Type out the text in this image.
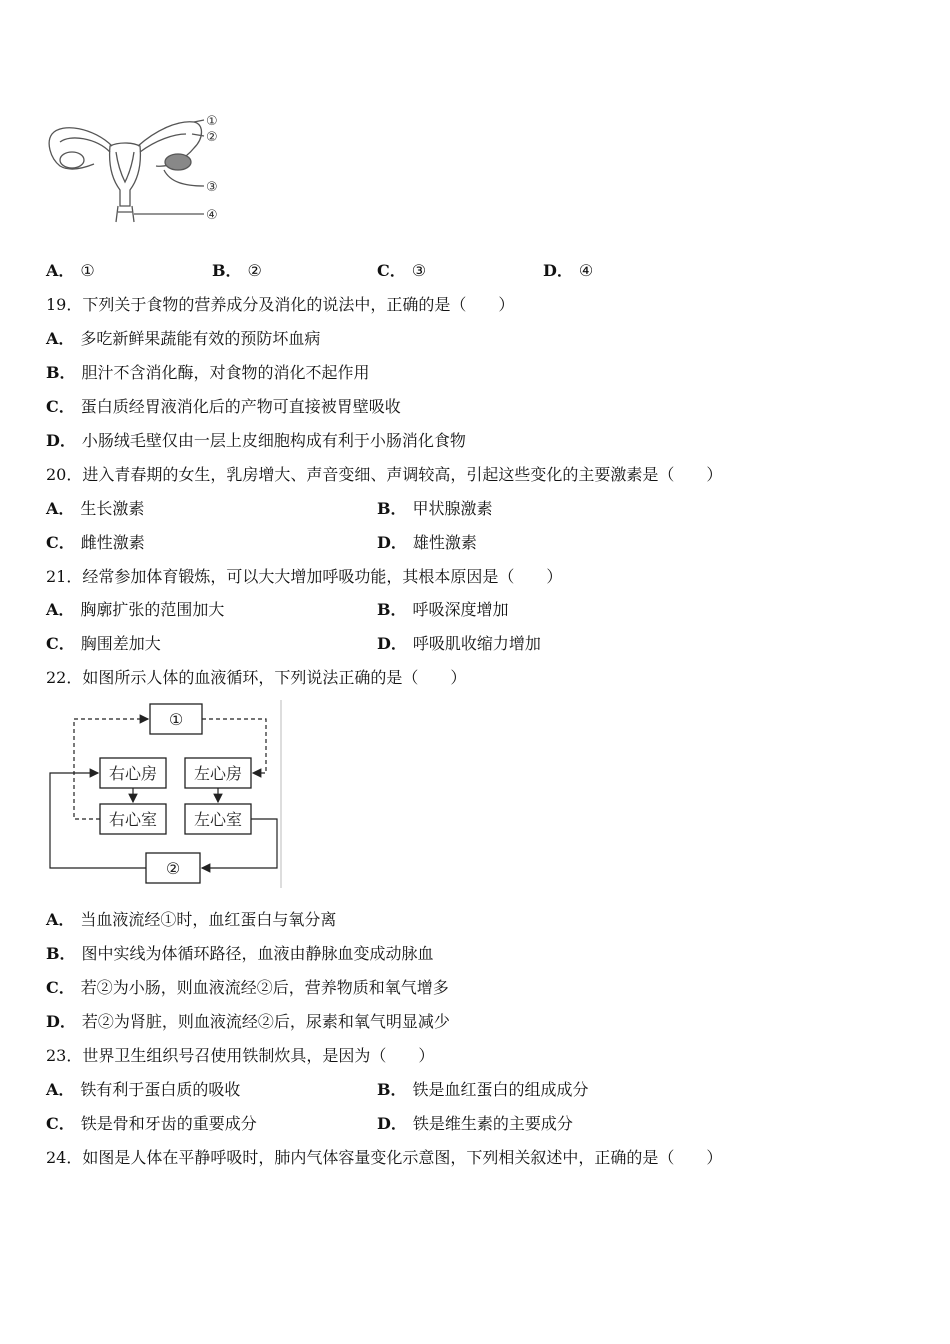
①
②
③
④
A． ①	B． ②	C． ③	D． ④
19．下列关于食物的营养成分及消化的说法中，正确的是（　　）
A． 多吃新鲜果蔬能有效的预防坏血病
B． 胆汁不含消化酶，对食物的消化不起作用
C． 蛋白质经胃液消化后的产物可直接被胃壁吸收
D． 小肠绒毛壁仅由一层上皮细胞构成有利于小肠消化食物
20．进入青春期的女生，乳房增大、声音变细、声调较高，引起这些变化的主要激素是（　　）
A． 生长激素	B． 甲状腺激素
C． 雌性激素	D． 雄性激素
21．经常参加体育锻炼，可以大大增加呼吸功能，其根本原因是（　　）
A． 胸廓扩张的范围加大	B． 呼吸深度增加
C． 胸围差加大	D． 呼吸肌收缩力增加
22．如图所示人体的血液循环，下列说法正确的是（　　）
①
右心房 左心房
右心室 左心室
②
A． 当血液流经①时，血红蛋白与氧分离
B． 图中实线为体循环路径，血液由静脉血变成动脉血
C． 若②为小肠，则血液流经②后，营养物质和氧气增多
D． 若②为肾脏，则血液流经②后，尿素和氧气明显减少
23．世界卫生组织号召使用铁制炊具，是因为（　　）
A． 铁有利于蛋白质的吸收	B． 铁是血红蛋白的组成成分
C． 铁是骨和牙齿的重要成分	D． 铁是维生素的主要成分
24．如图是人体在平静呼吸时，肺内气体容量变化示意图，下列相关叙述中，正确的是（　　）
